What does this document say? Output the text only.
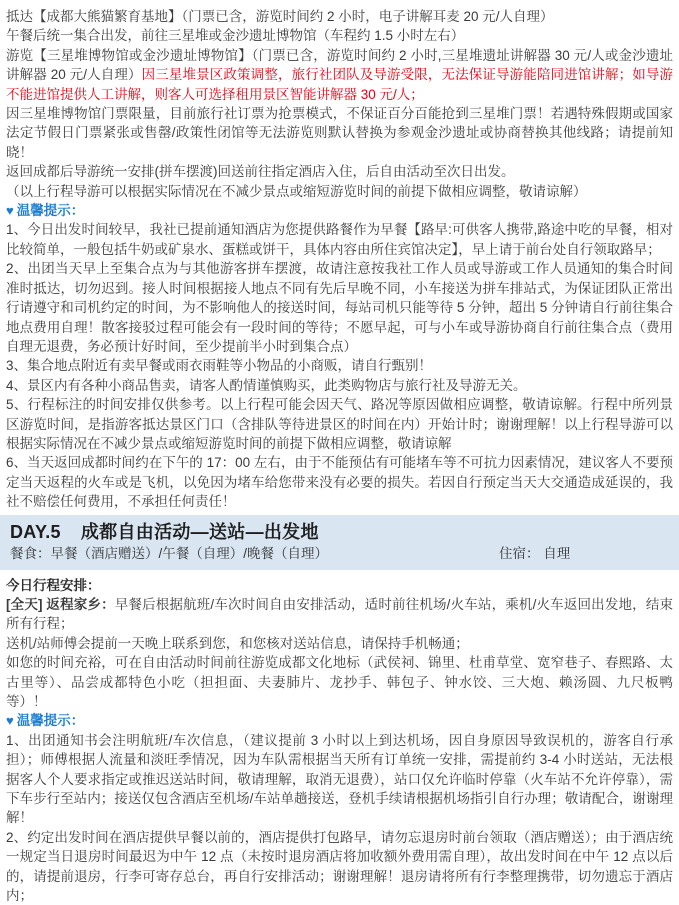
抵达【成都大熊猫繁育基地】（门票已含，游览时间约 2 小时，电子讲解耳麦 20 元/人自理）

午餐后统一集合出发，前往三星堆或金沙遗址博物馆（车程约 1.5 小时左右）

游览【三星堆博物馆或金沙遗址博物馆】（门票已含，游览时间约 2 小时,三星堆遗址讲解器 30 元/人或金沙遗址讲解器 20 元/人自理）因三星堆景区政策调整，旅行社团队及导游受限，无法保证导游能陪同进馆讲解；如导游不能进馆提供人工讲解，则客人可选择租用景区智能讲解器 30 元/人；

因三星堆博物馆门票限量，目前旅行社订票为抢票模式，不保证百分百能抢到三星堆门票！若遇特殊假期或国家法定节假日门票紧张或售罄/政策性闭馆等无法游览则默认替换为参观金沙遗址或协商替换其他线路；请提前知晓！

返回成都后导游统一安排(拼车摆渡)回送前往指定酒店入住，后自由活动至次日出发。

（以上行程导游可以根据实际情况在不减少景点或缩短游览时间的前提下做相应调整，敬请谅解）

♥ 温馨提示：

1、今日出发时间较早，我社已提前通知酒店为您提供路餐作为早餐【路早:可供客人携带,路途中吃的早餐，相对比较简单，一般包括牛奶或矿泉水、蛋糕或饼干，具体内容由所住宾馆决定】，早上请于前台处自行领取路早；

2、出团当天早上至集合点为与其他游客拼车摆渡，故请注意按我社工作人员或导游或工作人员通知的集合时间准时抵达，切勿迟到。接人时间根据接人地点不同有先后早晚不同，小车接送为拼车排站式，为保证团队正常出行请遵守和司机约定的时间，为不影响他人的接送时间，每站司机只能等待 5 分钟，超出 5 分钟请自行前往集合地点费用自理！散客接驳过程可能会有一段时间的等待；不愿早起，可与小车或导游协商自行前往集合点（费用自理无退费，务必预计好时间，至少提前半小时到集合点）

3、集合地点附近有卖早餐或雨衣雨鞋等小物品的小商贩，请自行甄别！

4、景区内有各种小商品售卖，请客人酌情谨慎购买，此类购物店与旅行社及导游无关。

5、行程标注的时间安排仅供参考。以上行程可能会因天气、路况等原因做相应调整，敬请谅解。行程中所列景区游览时间，是指游客抵达景区门口（含排队等待进景区的时间在内）开始计时；谢谢理解！以上行程导游可以根据实际情况在不减少景点或缩短游览时间的前提下做相应调整，敬请谅解

6、当天返回成都时间约在下午的 17：00 左右，由于不能预估有可能堵车等不可抗力因素情况，建议客人不要预定当天返程的火车或是飞机，以免因为堵车给您带来没有必要的损失。若因自行预定当天大交通造成延误的，我社不赔偿任何费用，不承担任何责任！

DAY.5 成都自由活动—送站—出发地
餐食：早餐（酒店赠送）/午餐（自理）/晚餐（自理）	住宿： 自理

今日行程安排：

[全天] 返程家乡：早餐后根据航班/车次时间自由安排活动，适时前往机场/火车站，乘机/火车返回出发地，结束所有行程；

送机/站师傅会提前一天晚上联系到您，和您核对送站信息，请保持手机畅通；

如您的时间充裕，可在自由活动时间前往游览成都文化地标（武侯祠、锦里、杜甫草堂、宽窄巷子、春熙路、太古里等）、品尝成都特色小吃（担担面、夫妻肺片、龙抄手、韩包子、钟水饺、三大炮、赖汤圆、九尺板鸭等）！

♥ 温馨提示：

1、出团通知书会注明航班/车次信息，（建议提前 3 小时以上到达机场，因自身原因导致误机的，游客自行承担）；师傅根据人流量和淡旺季情况，因为车队需根据当天所有订单统一安排，需提前约 3-4 小时送站，无法根据客人个人要求指定或推迟送站时间，敬请理解，取消无退费），站口仅允许临时停靠（火车站不允许停靠），需下车步行至站内；接送仅包含酒店至机场/车站单趟接送，登机手续请根据机场指引自行办理；敬请配合，谢谢理解！

2、约定出发时间在酒店提供早餐以前的，酒店提供打包路早，请勿忘退房时前台领取（酒店赠送）；由于酒店统一规定当日退房时间最迟为中午 12 点（未按时退房酒店将加收额外费用需自理），故出发时间在中午 12 点以后的，请提前退房，行李可寄存总台，再自行安排活动；谢谢理解！退房请将所有行李整理携带，切勿遗忘于酒店内；
